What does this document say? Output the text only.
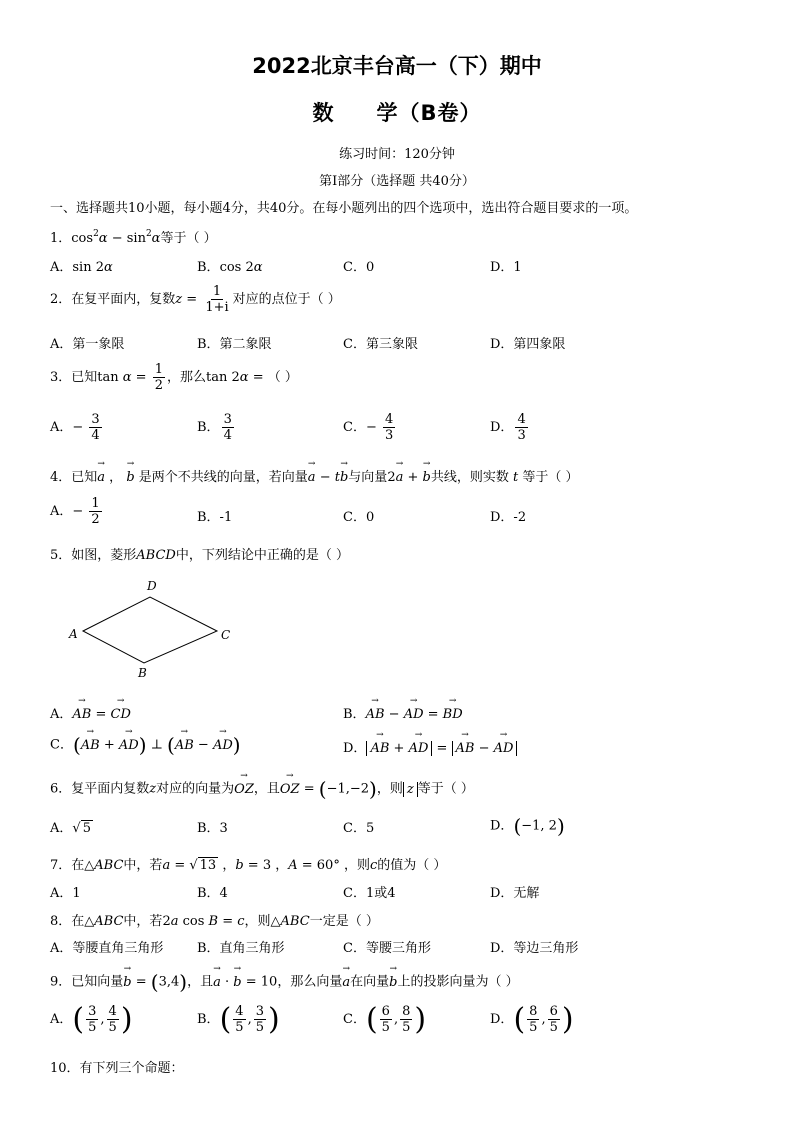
2022北京丰台高一（下）期中
数 学（B卷）
练习时间：120分钟
第Ⅰ部分（选择题 共40分）
一、选择题共10小题，每小题4分，共40分。在每小题列出的四个选项中，选出符合题目要求的一项。
1．$\cos^2\alpha - \sin^2\alpha$等于（ ）
A．sin 2α	B．cos 2α	C．0	D．1
2．在复平面内，复数$z = \frac{1}{1+i}$ 对应的点位于（ ）
A．第一象限	B．第二象限	C．第三象限	D．第四象限
3．已知$\tan \alpha = \frac{1}{2}$ ，那么tan 2α = （ ）
A．− $\frac{3}{4}$	B． $\frac{3}{4}$	C．− $\frac{4}{3}$	D． $\frac{4}{3}$
4．已知→ a ， → b 是两个不共线的向量，若向量→ a − t→ b与向量2→ a + → b共线，则实数 t 等于（ ）
A．− $\frac{1}{2}$	B．-1	C．0	D．-2
5．如图，菱形ABCD中，下列结论中正确的是（ ）
A
B
C
D
A．→ AB = → CD	B．→ AB − → AD = → BD
C．(→ AB + → AD) ⊥ (→ AB − → AD)	D．→ AB + → AD = → AB − → AD
6．复平面内复数z对应的向量为→ OZ，且→ OZ = (−1,−2)，则 z 等于（ ）
A．√ 5	B．3	C．5	D．(−1, 2)
7．在△ABC中，若a = √ 13 ，b = 3 ，A = 60° ，则c的值为（ ）
A．1	B．4	C．1或4	D．无解
8．在△ABC中，若2a cos B = c，则△ABC一定是（ ）
A．等腰直角三角形	B．直角三角形	C．等腰三角形	D．等边三角形
9．已知向量→ b = (3,4)，且→ a · → b = 10，那么向量→ a在向量→ b上的投影向量为（ ）
A．( $\frac{3}{5}$ , $\frac{4}{5}$ )	B．( $\frac{4}{5}$ , $\frac{3}{5}$ )	C．( $\frac{6}{5}$ , $\frac{8}{5}$ )	D．( $\frac{8}{5}$ , $\frac{6}{5}$ )
10．有下列三个命题：
